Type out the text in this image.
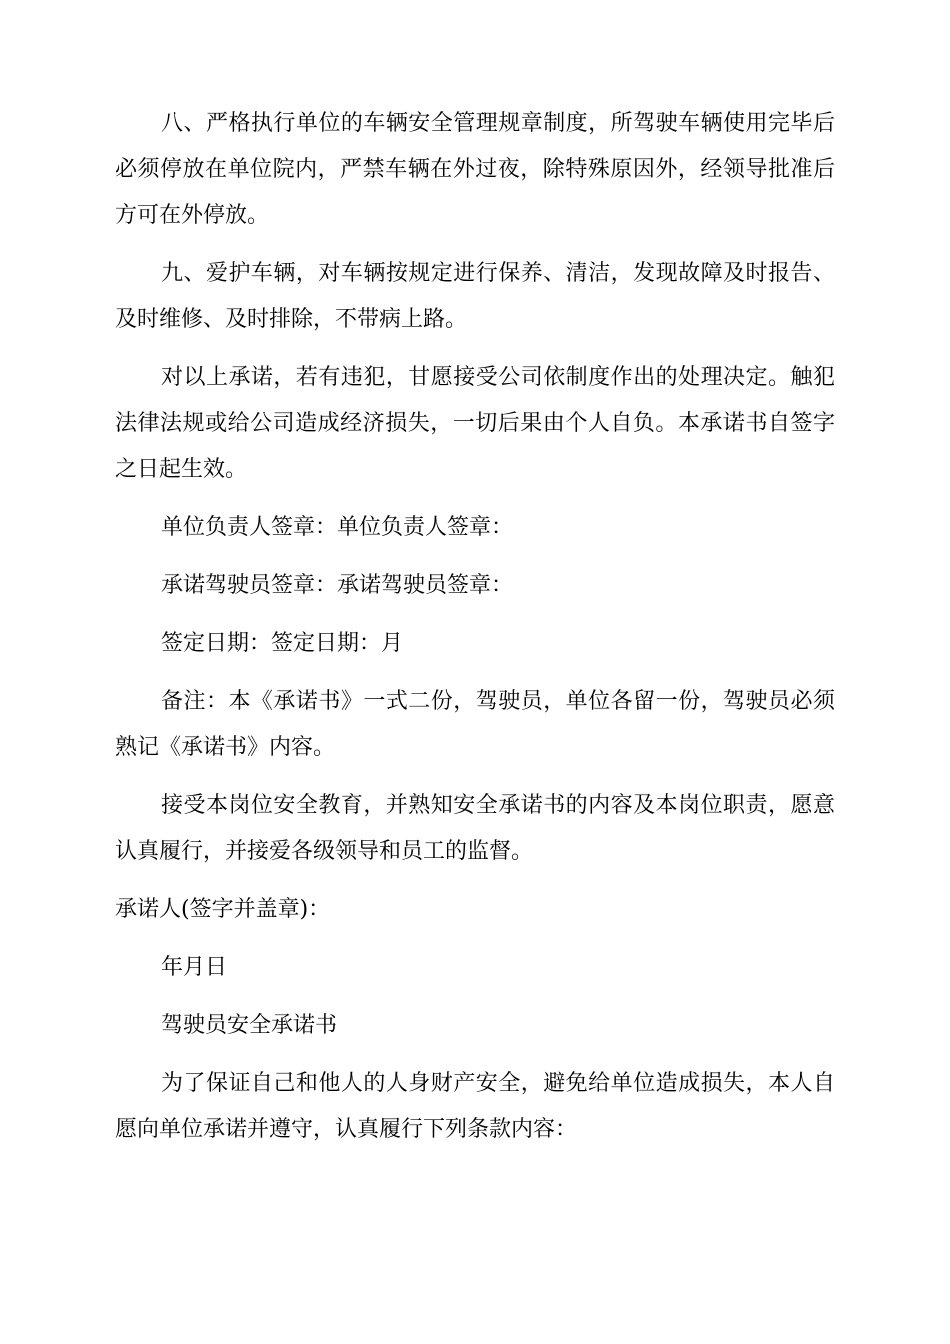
八、严格执行单位的车辆安全管理规章制度，所驾驶车辆使用完毕后必须停放在单位院内，严禁车辆在外过夜，除特殊原因外，经领导批准后方可在外停放。

九、爱护车辆，对车辆按规定进行保养、清洁，发现故障及时报告、及时维修、及时排除，不带病上路。

对以上承诺，若有违犯，甘愿接受公司依制度作出的处理决定。触犯法律法规或给公司造成经济损失，一切后果由个人自负。本承诺书自签字之日起生效。

单位负责人签章：单位负责人签章：

承诺驾驶员签章：承诺驾驶员签章：

签定日期：签定日期：月

备注：本《承诺书》一式二份，驾驶员，单位各留一份，驾驶员必须熟记《承诺书》内容。

接受本岗位安全教育，并熟知安全承诺书的内容及本岗位职责，愿意认真履行，并接爱各级领导和员工的监督。

承诺人(签字并盖章)：

年月日

驾驶员安全承诺书

为了保证自己和他人的人身财产安全，避免给单位造成损失，本人自愿向单位承诺并遵守，认真履行下列条款内容：
